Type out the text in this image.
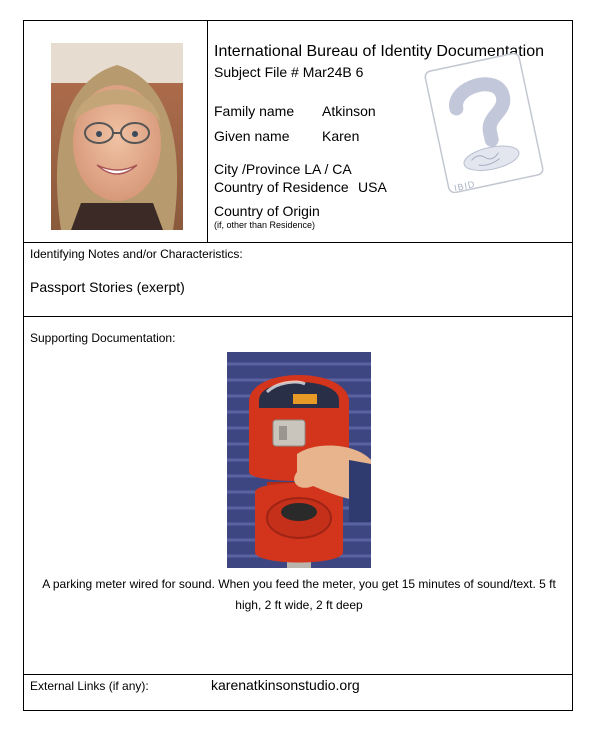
International Bureau of Identity Documentation
Subject File # Mar24B 6
IBID
Family name Atkinson
Given name Karen
City /Province LA / CA
Country of Residence USA
Country of Origin
(if, other than Residence)
Identifying Notes and/or Characteristics:
Passport Stories (exerpt)
Supporting Documentation:
A parking meter wired for sound. When you feed the meter, you get 15 minutes of sound/text. 5 ft high, 2 ft wide, 2 ft deep
External Links (if any):	karenatkinsonstudio.org
